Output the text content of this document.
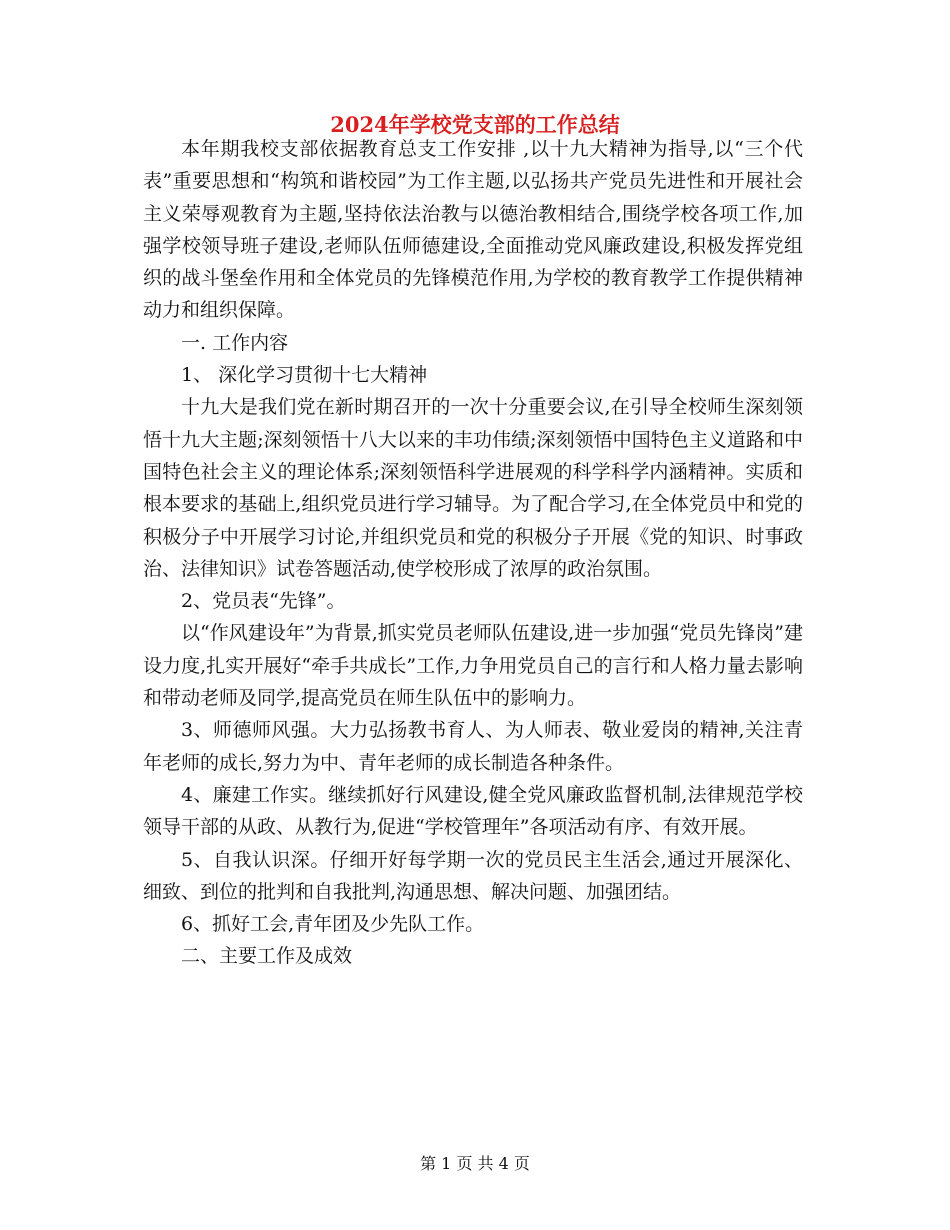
2024年学校党支部的工作总结

本年期我校支部依据教育总支工作安排 ,以十九大精神为指导,以“三个代表”重要思想和“构筑和谐校园”为工作主题,以弘扬共产党员先进性和开展社会主义荣辱观教育为主题,坚持依法治教与以德治教相结合,围绕学校各项工作,加强学校领导班子建设,老师队伍师德建设,全面推动党风廉政建设,积极发挥党组织的战斗堡垒作用和全体党员的先锋模范作用,为学校的教育教学工作提供精神动力和组织保障。

一. 工作内容

1、 深化学习贯彻十七大精神

十九大是我们党在新时期召开的一次十分重要会议,在引导全校师生深刻领悟十九大主题;深刻领悟十八大以来的丰功伟绩;深刻领悟中国特色主义道路和中国特色社会主义的理论体系;深刻领悟科学进展观的科学科学内涵精神。实质和根本要求的基础上,组织党员进行学习辅导。为了配合学习,在全体党员中和党的积极分子中开展学习讨论,并组织党员和党的积极分子开展《党的知识、时事政治、法律知识》试卷答题活动,使学校形成了浓厚的政治氛围。

2、党员表“先锋”。

以“作风建设年”为背景,抓实党员老师队伍建设,进一步加强“党员先锋岗”建设力度,扎实开展好“牵手共成长”工作,力争用党员自己的言行和人格力量去影响和带动老师及同学,提高党员在师生队伍中的影响力。

3、师德师风强。大力弘扬教书育人、为人师表、敬业爱岗的精神,关注青年老师的成长,努力为中、青年老师的成长制造各种条件。

4、廉建工作实。继续抓好行风建设,健全党风廉政监督机制,法律规范学校领导干部的从政、从教行为,促进“学校管理年”各项活动有序、有效开展。

5、自我认识深。仔细开好每学期一次的党员民主生活会,通过开展深化、细致、到位的批判和自我批判,沟通思想、解决问题、加强团结。

6、抓好工会,青年团及少先队工作。

二、主要工作及成效

第 1 页 共 4 页
